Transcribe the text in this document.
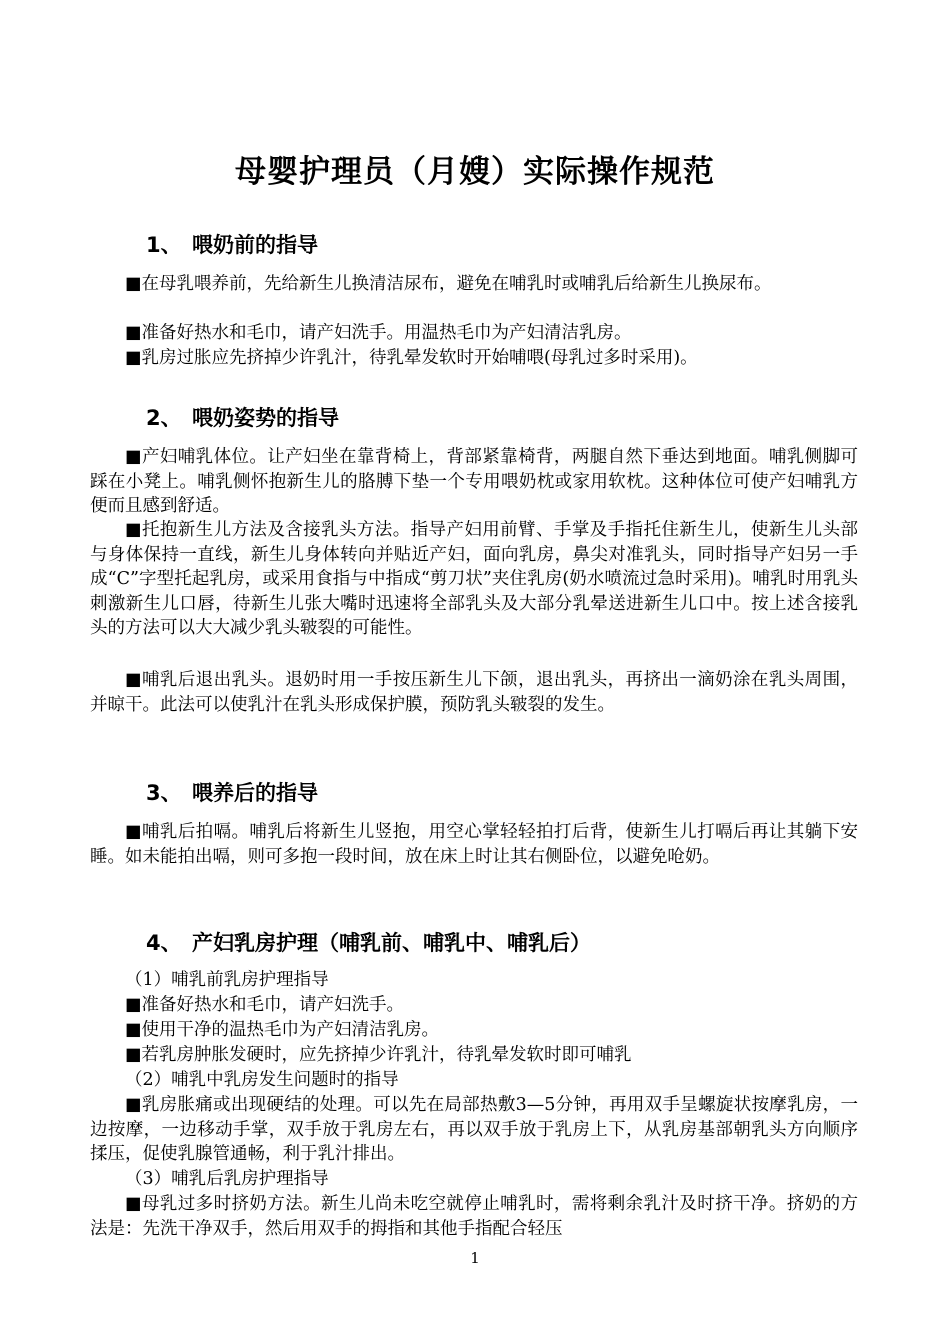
母婴护理员（月嫂）实际操作规范
1、 喂奶前的指导

■在母乳喂养前，先给新生儿换清洁尿布，避免在哺乳时或哺乳后给新生儿换尿布。

■准备好热水和毛巾，请产妇洗手。用温热毛巾为产妇清洁乳房。

■乳房过胀应先挤掉少许乳汁，待乳晕发软时开始哺喂(母乳过多时采用)。

2、 喂奶姿势的指导

■产妇哺乳体位。让产妇坐在靠背椅上，背部紧靠椅背，两腿自然下垂达到地面。哺乳侧脚可踩在小凳上。哺乳侧怀抱新生儿的胳膊下垫一个专用喂奶枕或家用软枕。这种体位可使产妇哺乳方便而且感到舒适。

■托抱新生儿方法及含接乳头方法。指导产妇用前臂、手掌及手指托住新生儿，使新生儿头部与身体保持一直线，新生儿身体转向并贴近产妇，面向乳房，鼻尖对准乳头，同时指导产妇另一手成“C”字型托起乳房，或采用食指与中指成“剪刀状”夹住乳房(奶水喷流过急时采用)。哺乳时用乳头刺激新生儿口唇，待新生儿张大嘴时迅速将全部乳头及大部分乳晕送进新生儿口中。按上述含接乳头的方法可以大大减少乳头皲裂的可能性。

■哺乳后退出乳头。退奶时用一手按压新生儿下颌，退出乳头，再挤出一滴奶涂在乳头周围，并晾干。此法可以使乳汁在乳头形成保护膜，预防乳头皲裂的发生。

3、 喂养后的指导

■哺乳后拍嗝。哺乳后将新生儿竖抱，用空心掌轻轻拍打后背，使新生儿打嗝后再让其躺下安睡。如未能拍出嗝，则可多抱一段时间，放在床上时让其右侧卧位，以避免呛奶。

4、 产妇乳房护理（哺乳前、哺乳中、哺乳后）

（1）哺乳前乳房护理指导

■准备好热水和毛巾，请产妇洗手。

■使用干净的温热毛巾为产妇清洁乳房。

■若乳房肿胀发硬时，应先挤掉少许乳汁，待乳晕发软时即可哺乳

（2）哺乳中乳房发生问题时的指导

■乳房胀痛或出现硬结的处理。可以先在局部热敷3—5分钟，再用双手呈螺旋状按摩乳房，一边按摩，一边移动手掌，双手放于乳房左右，再以双手放于乳房上下，从乳房基部朝乳头方向顺序揉压，促使乳腺管通畅，利于乳汁排出。

（3）哺乳后乳房护理指导

■母乳过多时挤奶方法。新生儿尚未吃空就停止哺乳时，需将剩余乳汁及时挤干净。挤奶的方法是：先洗干净双手，然后用双手的拇指和其他手指配合轻压

1
